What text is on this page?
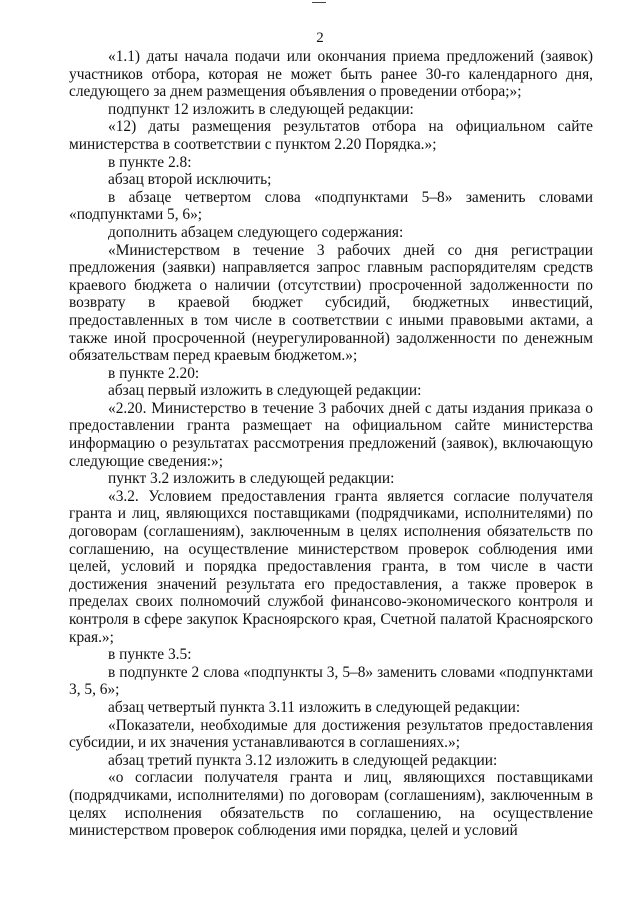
2

«1.1) даты начала подачи или окончания приема предложений (заявок) участников отбора, которая не может быть ранее 30-го календарного дня, следующего за днем размещения объявления о проведении отбора;»;

подпункт 12 изложить в следующей редакции:

«12) даты размещения результатов отбора на официальном сайте министерства в соответствии с пунктом 2.20 Порядка.»;

в пункте 2.8:

абзац второй исключить;

в абзаце четвертом слова «подпунктами 5–8» заменить словами «подпунктами 5, 6»;

дополнить абзацем следующего содержания:

«Министерством в течение 3 рабочих дней со дня регистрации предложения (заявки) направляется запрос главным распорядителям средств краевого бюджета о наличии (отсутствии) просроченной задолженности по возврату в краевой бюджет субсидий, бюджетных инвестиций, предоставленных в том числе в соответствии с иными правовыми актами, а также иной просроченной (неурегулированной) задолженности по денежным обязательствам перед краевым бюджетом.»;

в пункте 2.20:

абзац первый изложить в следующей редакции:

«2.20. Министерство в течение 3 рабочих дней с даты издания приказа о предоставлении гранта размещает на официальном сайте министерства информацию о результатах рассмотрения предложений (заявок), включающую следующие сведения:»;

пункт 3.2 изложить в следующей редакции:

«3.2. Условием предоставления гранта является согласие получателя гранта и лиц, являющихся поставщиками (подрядчиками, исполнителями) по договорам (соглашениям), заключенным в целях исполнения обязательств по соглашению, на осуществление министерством проверок соблюдения ими целей, условий и порядка предоставления гранта, в том числе в части достижения значений результата его предоставления, а также проверок в пределах своих полномочий службой финансово-экономического контроля и контроля в сфере закупок Красноярского края, Счетной палатой Красноярского края.»;

в пункте 3.5:

в подпункте 2 слова «подпункты 3, 5–8» заменить словами «подпунктами 3, 5, 6»;

абзац четвертый пункта 3.11 изложить в следующей редакции:

«Показатели, необходимые для достижения результатов предоставления субсидии, и их значения устанавливаются в соглашениях.»;

абзац третий пункта 3.12 изложить в следующей редакции:

«о согласии получателя гранта и лиц, являющихся поставщиками (подрядчиками, исполнителями) по договорам (соглашениям), заключенным в целях исполнения обязательств по соглашению, на осуществление министерством проверок соблюдения ими порядка, целей и условий
